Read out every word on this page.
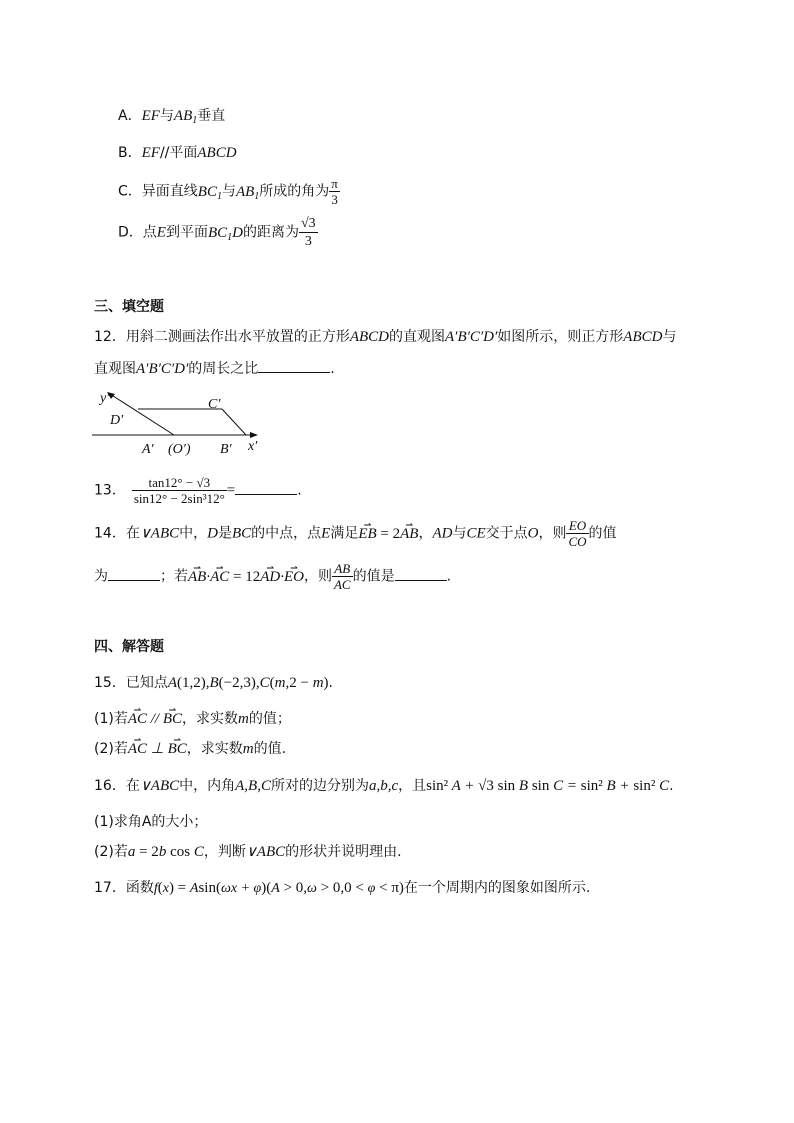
A．EF与$AB_1$垂直
B．EF//平面ABCD
C．异面直线$BC_1$与$AB_1$所成的角为 $\frac{\pi}{3}$
D．点E到平面$BC_1D$的距离为 $\frac{√3}{3}$
三、填空题
12．用斜二测画法作出水平放置的正方形ABCD的直观图A′B′C′D′如图所示，则正方形ABCD与
直观图A′B′C′D′的周长之比	.
y′
D′
C′
A′ (O′) B′ x′
13． $\frac{\tan 12^\circ - √3}{\text{sin12° − 2sin³12°}}$ =	.
14．在∨ABC中，D是BC的中点，点E满足⇀ EB = 2⇀ AB，AD与CE交于点O，则 $\frac{EO}{CO}$ 的值
为	；若⇀ AB·⇀ AC = 12⇀ AD·⇀ EO，则 $\frac{AB}{AC}$ 的值是	.
四、解答题
15．已知点A(1,2),B(−2,3),C(m,2 − m).
(1)若⇀ AC // ⇀ BC，求实数m的值；
(2)若⇀ AC ⊥ ⇀ BC，求实数m的值.
16．在∨ABC中，内角A,B,C所对的边分别为a,b,c，且sin² A + √3 sin B sin C = sin² B + sin² C.
(1)求角A的大小；
(2)若a = 2b cos C，判断∨ABC的形状并说明理由.
17．函数f(x) = Asin(ωx + φ)(A > 0,ω > 0,0 < φ < π)在一个周期内的图象如图所示.
